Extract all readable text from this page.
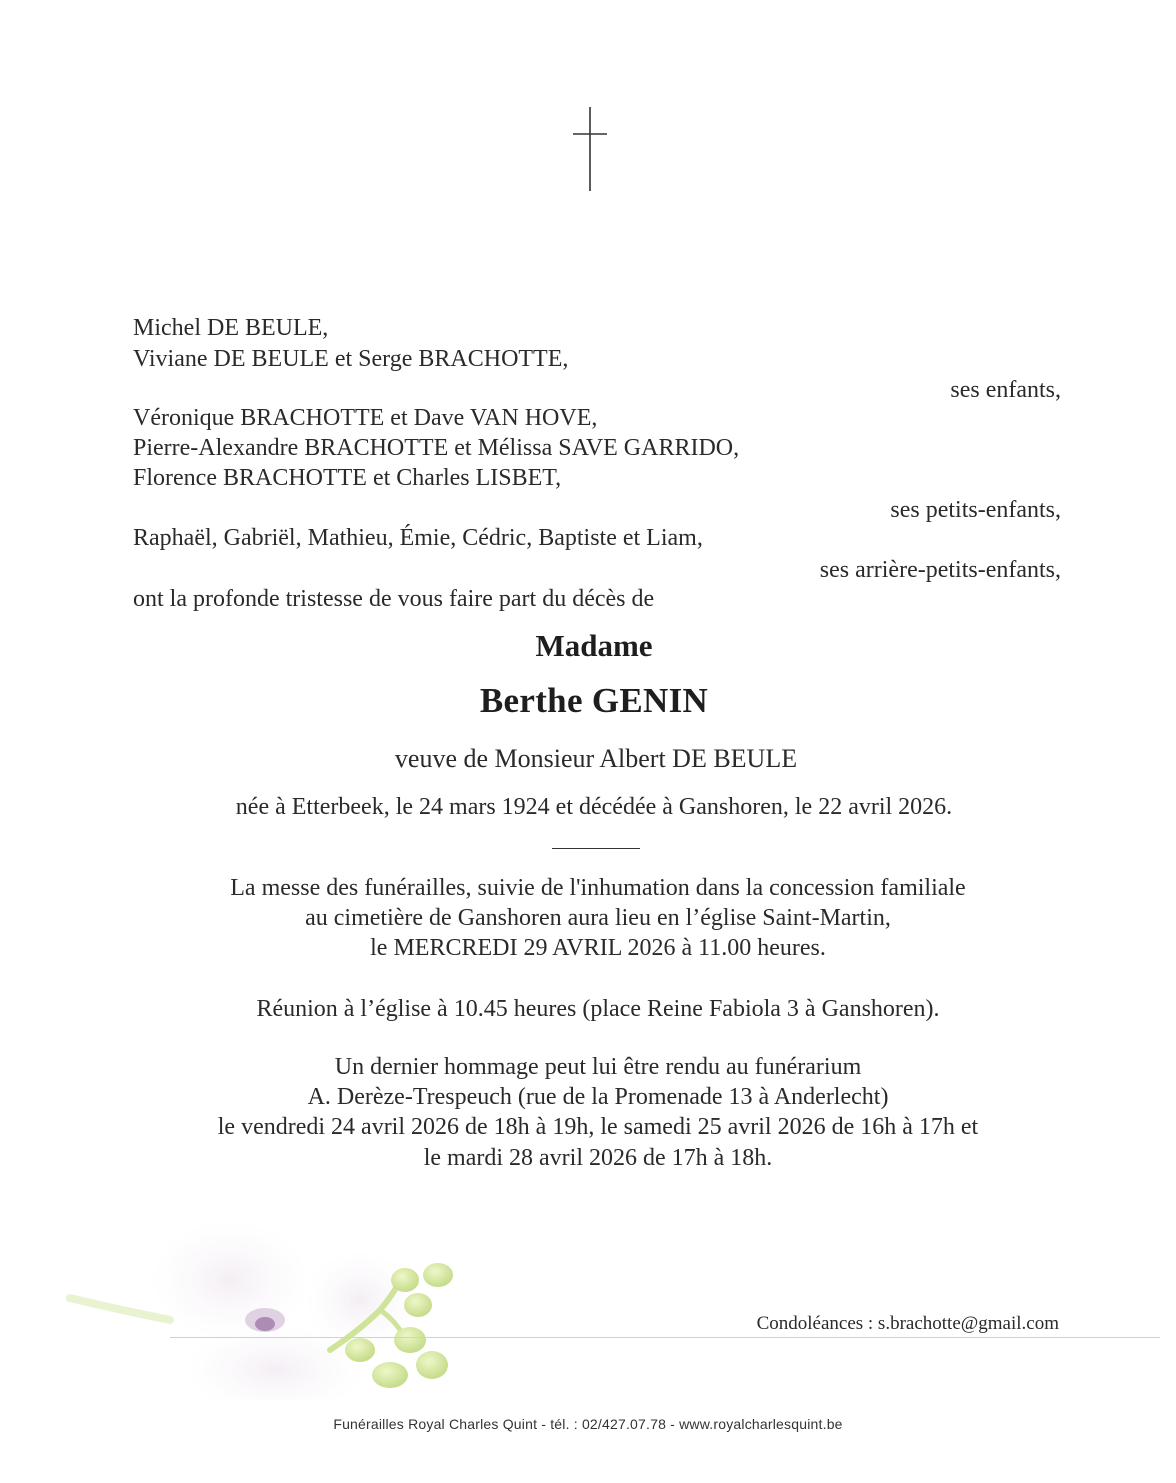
Michel DE BEULE,
Viviane DE BEULE et Serge BRACHOTTE,
ses enfants,
Véronique BRACHOTTE et Dave VAN HOVE,
Pierre-Alexandre BRACHOTTE et Mélissa SAVE GARRIDO,
Florence BRACHOTTE et Charles LISBET,
ses petits-enfants,
Raphaël, Gabriël, Mathieu, Émie, Cédric, Baptiste et Liam,
ses arrière-petits-enfants,
ont la profonde tristesse de vous faire part du décès de
Madame
Berthe GENIN
veuve de Monsieur Albert DE BEULE
née à Etterbeek, le 24 mars 1924 et décédée à Ganshoren, le 22 avril 2026.
La messe des funérailles, suivie de l'inhumation dans la concession familiale
au cimetière de Ganshoren aura lieu en l’église Saint-Martin,
le MERCREDI 29 AVRIL 2026 à 11.00 heures.
Réunion à l’église à 10.45 heures (place Reine Fabiola 3 à Ganshoren).
Un dernier hommage peut lui être rendu au funérarium
A. Derèze-Trespeuch (rue de la Promenade 13 à Anderlecht)
le vendredi 24 avril 2026 de 18h à 19h, le samedi 25 avril 2026 de 16h à 17h et
le mardi 28 avril 2026 de 17h à 18h.
Condoléances : s.brachotte@gmail.com
Funérailles Royal Charles Quint - tél. : 02/427.07.78 - www.royalcharlesquint.be
